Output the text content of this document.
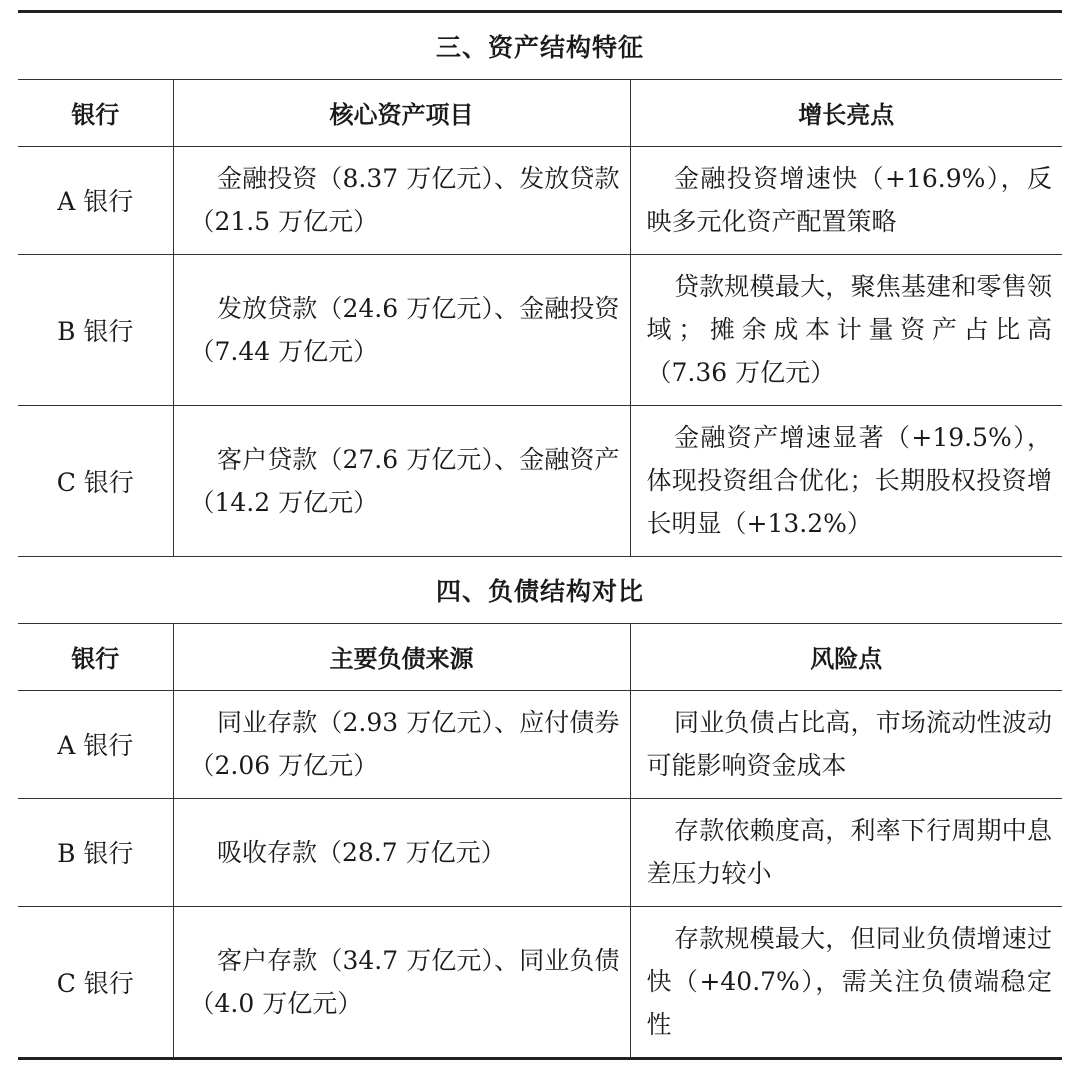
三、资产结构特征
银行	核心资产项目	增长亮点
A 银行	金融投资（8.37 万亿元）、发放贷款（21.5 万亿元）	金融投资增速快（+16.9%），反映多元化资产配置策略
B 银行	发放贷款（24.6 万亿元）、金融投资（7.44 万亿元）	贷款规模最大，聚焦基建和零售领域；摊余成本计量资产占比高（7.36 万亿元）
C 银行	客户贷款（27.6 万亿元）、金融资产（14.2 万亿元）	金融资产增速显著（+19.5%），体现投资组合优化；长期股权投资增长明显（+13.2%）
四、负债结构对比
银行	主要负债来源	风险点
A 银行	同业存款（2.93 万亿元）、应付债券（2.06 万亿元）	同业负债占比高，市场流动性波动可能影响资金成本
B 银行	吸收存款（28.7 万亿元）	存款依赖度高，利率下行周期中息差压力较小
C 银行	客户存款（34.7 万亿元）、同业负债（4.0 万亿元）	存款规模最大，但同业负债增速过快（+40.7%），需关注负债端稳定性
